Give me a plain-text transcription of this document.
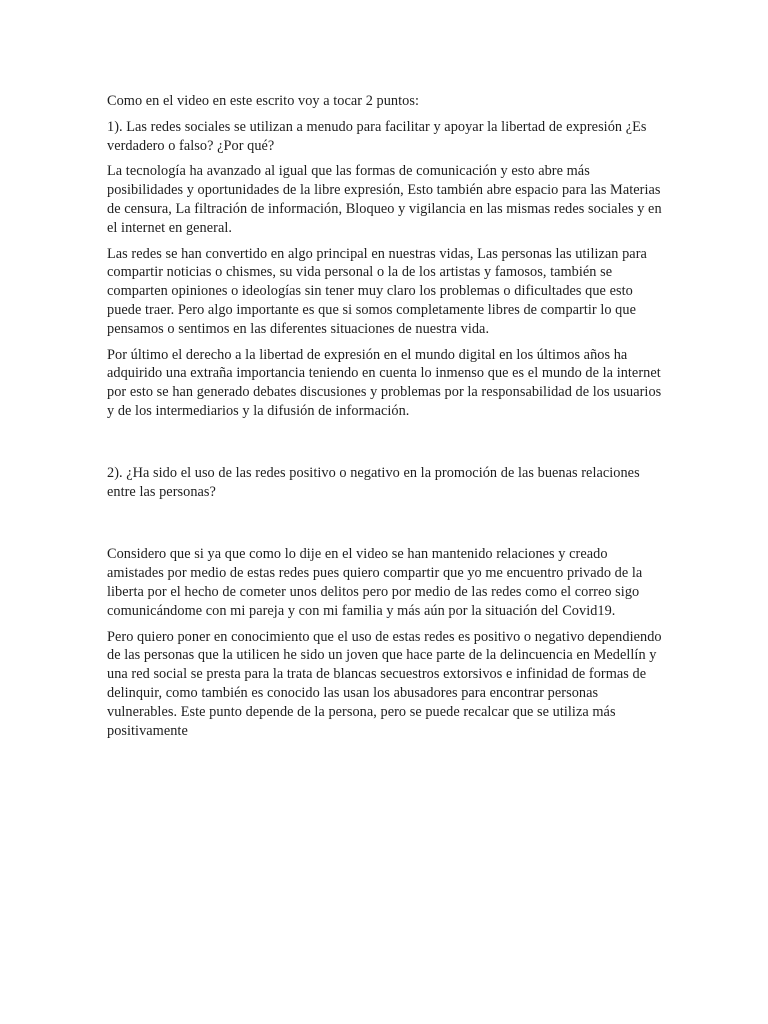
Como en el video en este escrito voy a tocar 2 puntos:

1). Las redes sociales se utilizan a menudo para facilitar y apoyar la libertad de expresión ¿Es verdadero o falso? ¿Por qué?

La tecnología ha avanzado al igual que las formas de comunicación y esto abre más posibilidades y oportunidades de la libre expresión, Esto también abre espacio para las Materias de censura, La filtración de información, Bloqueo y vigilancia en las mismas redes sociales y en el internet en general.

Las redes se han convertido en algo principal en nuestras vidas, Las personas las utilizan para compartir noticias o chismes, su vida personal o la de los artistas y famosos, también se comparten opiniones o ideologías sin tener muy claro los problemas o dificultades que esto puede traer. Pero algo importante es que si somos completamente libres de compartir lo que pensamos o sentimos en las diferentes situaciones de nuestra vida.

Por último el derecho a la libertad de expresión en el mundo digital en los últimos años ha adquirido una extraña importancia teniendo en cuenta lo inmenso que es el mundo de la internet por esto se han generado debates discusiones y problemas por la responsabilidad de los usuarios y de los intermediarios y la difusión de información.

2). ¿Ha sido el uso de las redes positivo o negativo en la promoción de las buenas relaciones entre las personas?

Considero que si ya que como lo dije en el video se han mantenido relaciones y creado amistades por medio de estas redes pues quiero compartir que yo me encuentro privado de la liberta por el hecho de cometer unos delitos pero por medio de las redes como el correo sigo comunicándome con mi pareja y con mi familia y más aún por la situación del Covid19.

Pero quiero poner en conocimiento que el uso de estas redes es positivo o negativo dependiendo de las personas que la utilicen he sido un joven que hace parte de la delincuencia en Medellín y una red social se presta para la trata de blancas secuestros extorsivos e infinidad de formas de delinquir, como también es conocido las usan los abusadores para encontrar personas vulnerables. Este punto depende de la persona, pero se puede recalcar que se utiliza más positivamente
